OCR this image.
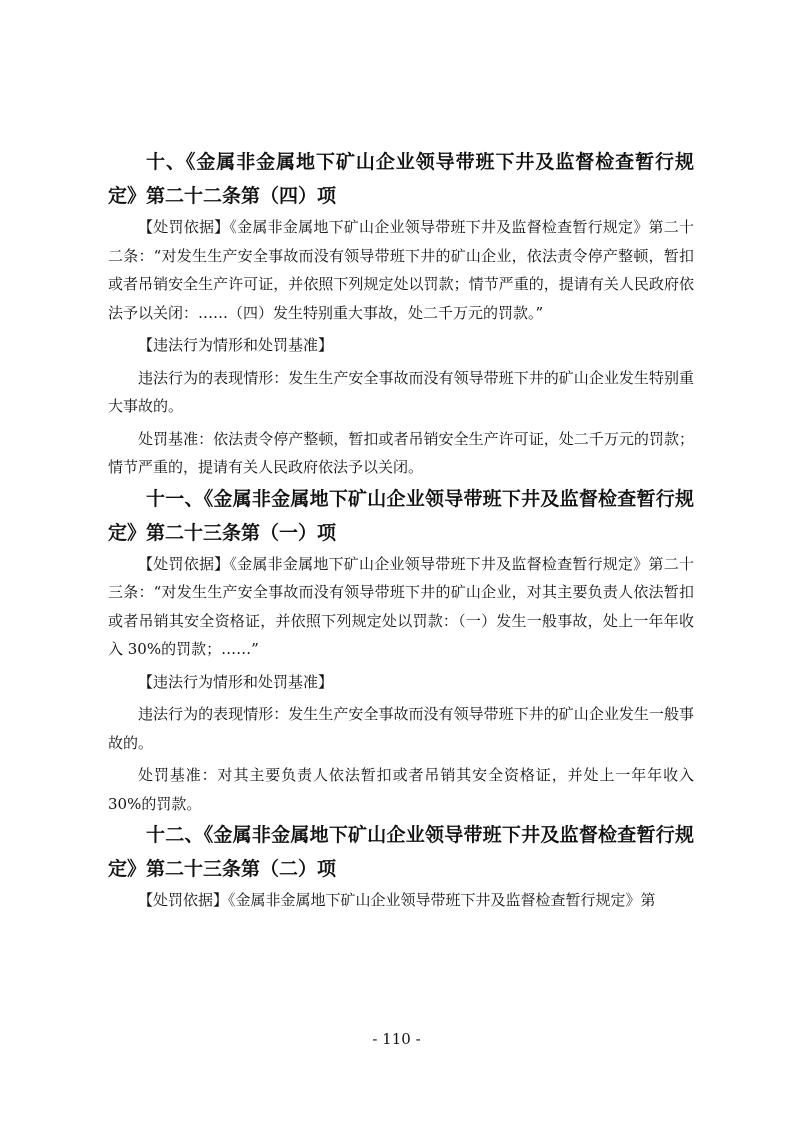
十、《金属非金属地下矿山企业领导带班下井及监督检查暂行规定》第二十二条第（四）项

【处罚依据】《金属非金属地下矿山企业领导带班下井及监督检查暂行规定》第二十二条：“对发生生产安全事故而没有领导带班下井的矿山企业，依法责令停产整顿，暂扣或者吊销安全生产许可证，并依照下列规定处以罚款；情节严重的，提请有关人民政府依法予以关闭：……（四）发生特别重大事故，处二千万元的罚款。”

【违法行为情形和处罚基准】

违法行为的表现情形：发生生产安全事故而没有领导带班下井的矿山企业发生特别重大事故的。

处罚基准：依法责令停产整顿，暂扣或者吊销安全生产许可证，处二千万元的罚款；情节严重的，提请有关人民政府依法予以关闭。

十一、《金属非金属地下矿山企业领导带班下井及监督检查暂行规定》第二十三条第（一）项

【处罚依据】《金属非金属地下矿山企业领导带班下井及监督检查暂行规定》第二十三条：“对发生生产安全事故而没有领导带班下井的矿山企业，对其主要负责人依法暂扣或者吊销其安全资格证，并依照下列规定处以罚款：（一）发生一般事故，处上一年年收入 30%的罚款；……”

【违法行为情形和处罚基准】

违法行为的表现情形：发生生产安全事故而没有领导带班下井的矿山企业发生一般事故的。

处罚基准：对其主要负责人依法暂扣或者吊销其安全资格证，并处上一年年收入30%的罚款。

十二、《金属非金属地下矿山企业领导带班下井及监督检查暂行规定》第二十三条第（二）项

【处罚依据】《金属非金属地下矿山企业领导带班下井及监督检查暂行规定》第

- 110 -
